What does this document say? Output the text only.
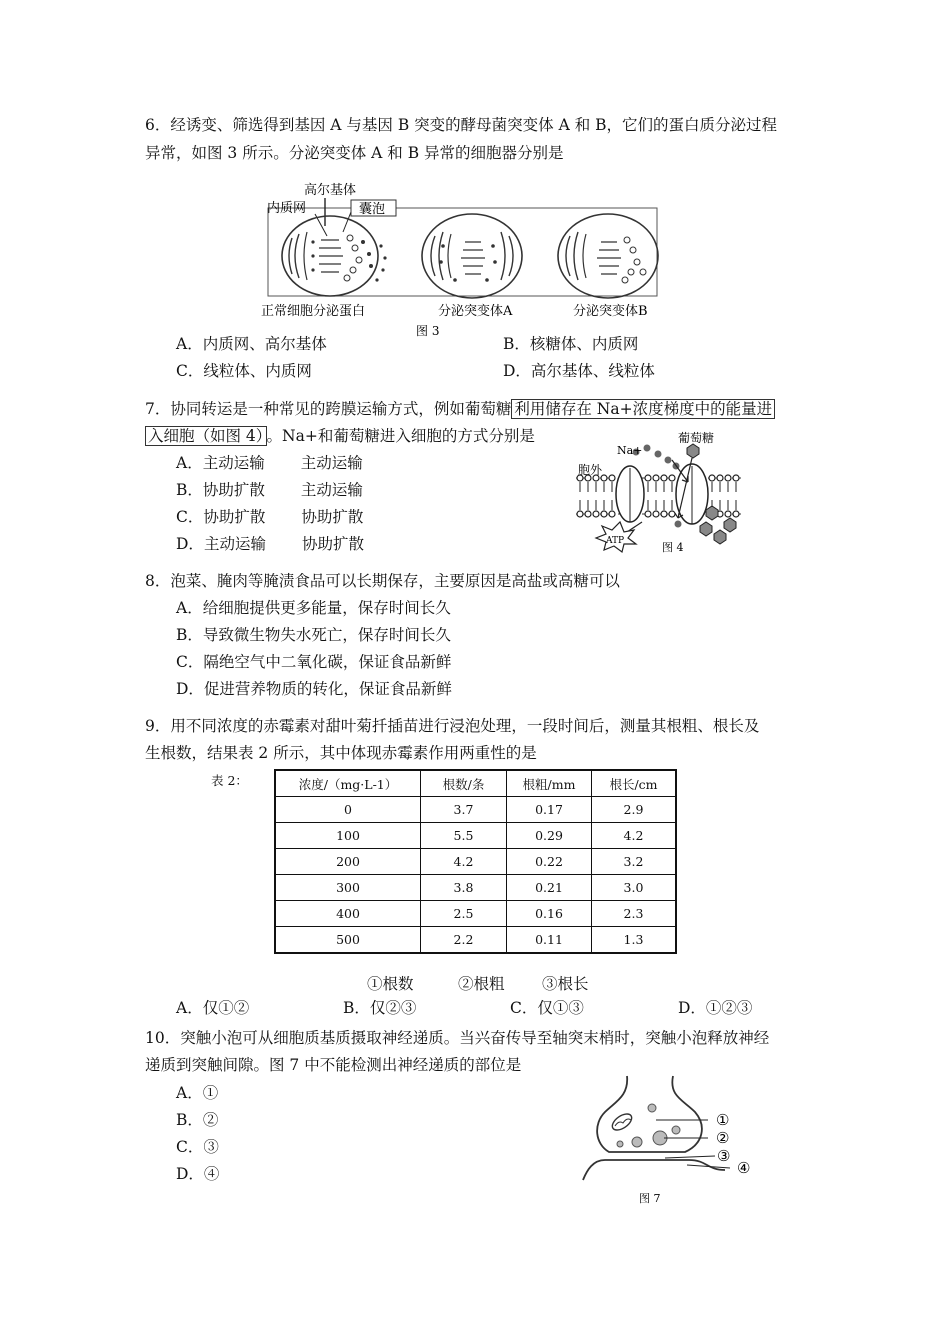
6．经诱变、筛选得到基因 A 与基因 B 突变的酵母菌突变体 A 和 B，它们的蛋白质分泌过程
异常，如图 3 所示。分泌突变体 A 和 B 异常的细胞器分别是
高尔基体
内质网	囊泡
正常细胞分泌蛋白	分泌突变体A	分泌突变体B
图 3
A．内质网、高尔基体	B．核糖体、内质网
C．线粒体、内质网	D．高尔基体、线粒体
7．协同转运是一种常见的跨膜运输方式，例如葡萄糖 利用储存在 Na+浓度梯度中的能量进
入细胞（如图 4） 。Na+和葡萄糖进入细胞的方式分别是
A．主动运输 主动运输
B．协助扩散 主动运输
C．协助扩散 协助扩散
D．主动运输 协助扩散
Na+
葡萄糖
胞外
ATP	图 4
8．泡菜、腌肉等腌渍食品可以长期保存，主要原因是高盐或高糖可以
A．给细胞提供更多能量，保存时间长久
B．导致微生物失水死亡，保存时间长久
C．隔绝空气中二氧化碳，保证食品新鲜
D．促进营养物质的转化，保证食品新鲜
9．用不同浓度的赤霉素对甜叶菊扦插苗进行浸泡处理，一段时间后，测量其根粗、根长及
生根数，结果表 2 所示，其中体现赤霉素作用两重性的是
表 2：	浓度/（mg·L-1）	根数/条	根粗/mm	根长/cm
0	3.7	0.17	2.9
100	5.5	0.29	4.2
200	4.2	0.22	3.2
300	3.8	0.21	3.0
400	2.5	0.16	2.3
500	2.2	0.11	1.3
①根数	②根粗 ③根长
A．仅①②	B．仅②③	C．仅①③	D．①②③
10．突触小泡可从细胞质基质摄取神经递质。当兴奋传导至轴突末梢时，突触小泡释放神经
递质到突触间隙。图 7 中不能检测出神经递质的部位是
A．①
B．②
C．③
D．④
①
②
③
④
图 7
